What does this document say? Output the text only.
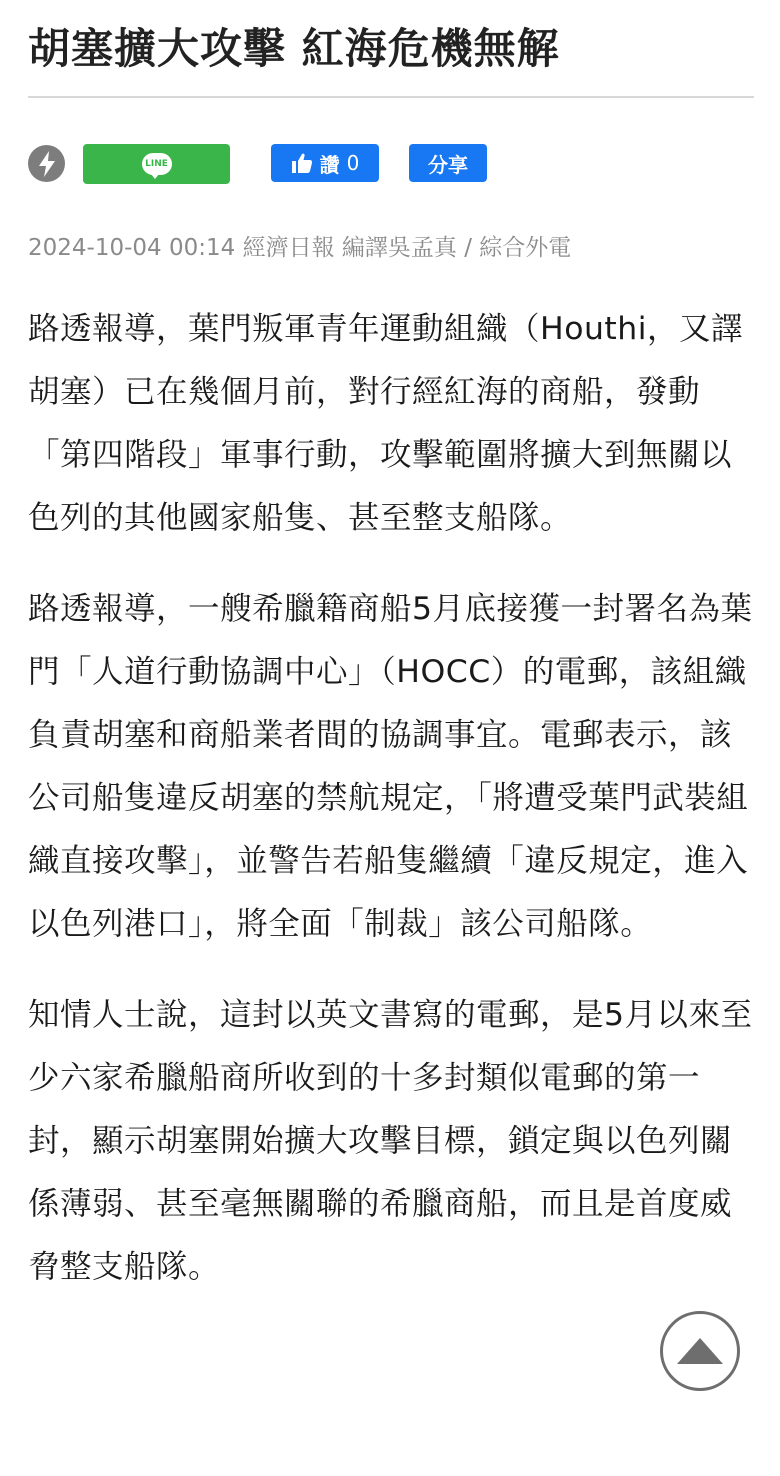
胡塞擴大攻擊 紅海危機無解
LINE	讚 0	分享
2024-10-04 00:14 經濟日報 編譯吳孟真 / 綜合外電

路透報導，葉門叛軍青年運動組織（Houthi，又譯胡塞）已在幾個月前，對行經紅海的商船，發動「第四階段」軍事行動，攻擊範圍將擴大到無關以色列的其他國家船隻、甚至整支船隊。

路透報導，一艘希臘籍商船5月底接獲一封署名為葉門「人道行動協調中心」（HOCC）的電郵，該組織負責胡塞和商船業者間的協調事宜。電郵表示，該公司船隻違反胡塞的禁航規定，「將遭受葉門武裝組織直接攻擊」，並警告若船隻繼續「違反規定，進入以色列港口」，將全面「制裁」該公司船隊。

知情人士說，這封以英文書寫的電郵，是5月以來至少六家希臘船商所收到的十多封類似電郵的第一封，顯示胡塞開始擴大攻擊目標，鎖定與以色列關係薄弱、甚至毫無關聯的希臘商船，而且是首度威脅整支船隊。
